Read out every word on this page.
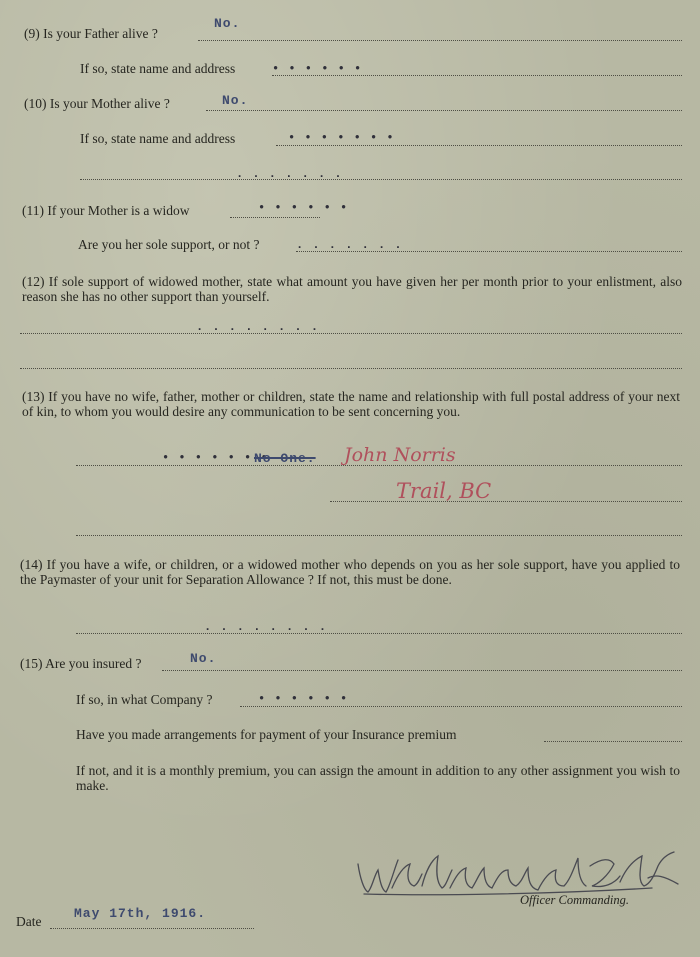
(9) Is your Father alive ?
No.
If so, state name and address	• • • • • •
(10) Is your Mother alive ?	No.
If so, state name and address	• • • • • • •
. . . . . . .
(11) If your Mother is a widow	• • • • • •
Are you her sole support, or not ?	. . . . . . .
(12) If sole support of widowed mother, state what amount you have given her per month prior to your enlistment, also reason she has no other support than yourself.
. . . . . . . .
(13) If you have no wife, father, mother or children, state the name and relationship with full postal address of your next of kin, to whom you would desire any communication to be sent concerning you.
• • • • • • •
No One. John Norris
Trail, BC
(14) If you have a wife, or children, or a widowed mother who depends on you as her sole support, have you applied to the Paymaster of your unit for Separation Allowance ? If not, this must be done.
. . . . . . . .
(15) Are you insured ?	No.
If so, in what Company ?	• • • • • •
Have you made arrangements for payment of your Insurance premium
If not, and it is a monthly premium, you can assign the amount in addition to any other assignment you wish to make.
Officer Commanding.
Date
May 17th, 1916.
